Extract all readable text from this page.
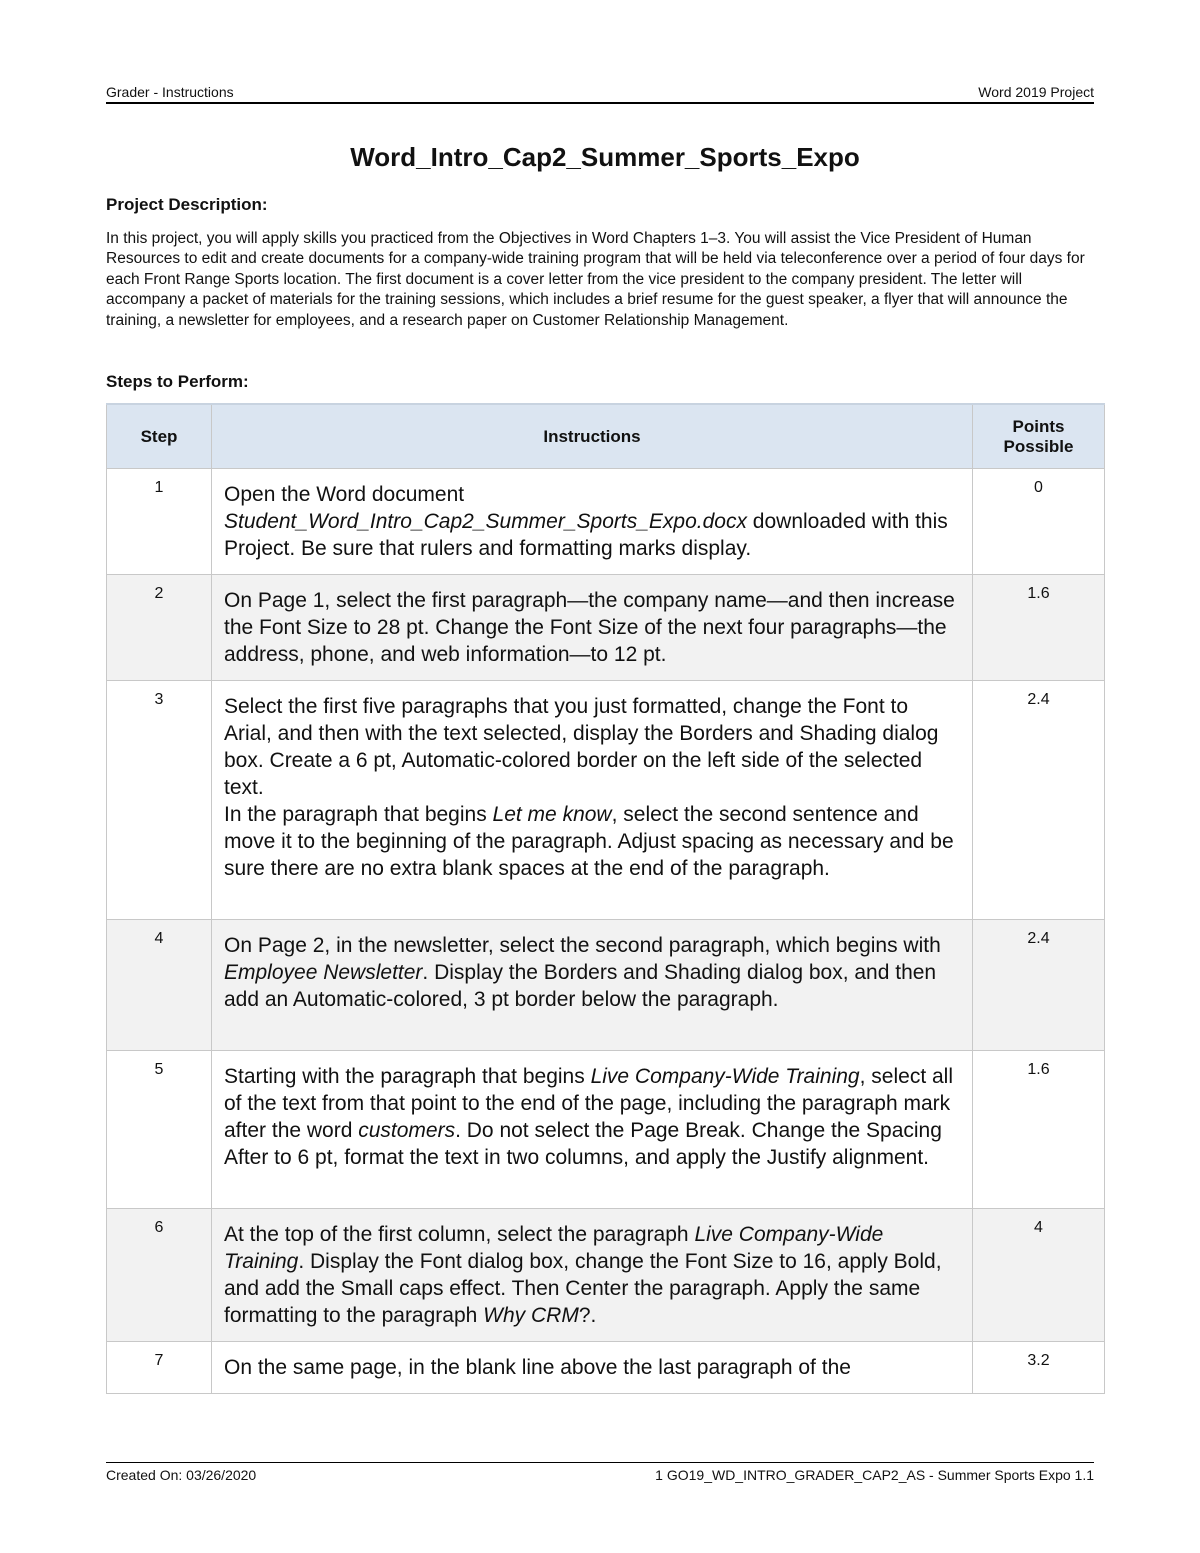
Grader - Instructions	Word 2019 Project
Word_Intro_Cap2_Summer_Sports_Expo
Project Description:
In this project, you will apply skills you practiced from the Objectives in Word Chapters 1–3. You will assist the Vice President of Human Resources to edit and create documents for a company-wide training program that will be held via teleconference over a period of four days for each Front Range Sports location. The first document is a cover letter from the vice president to the company president. The letter will accompany a packet of materials for the training sessions, which includes a brief resume for the guest speaker, a flyer that will announce the training, a newsletter for employees, and a research paper on Customer Relationship Management.
Steps to Perform:
Step	Instructions	Points
Possible
1	Open the Word document Student_Word_Intro_Cap2_Summer_Sports_Expo.docx downloaded with this Project. Be sure that rulers and formatting marks display.	0
2	On Page 1, select the first paragraph—the company name—and then increase the Font Size to 28 pt. Change the Font Size of the next four paragraphs—the address, phone, and web information—to 12 pt.	1.6
3	Select the first five paragraphs that you just formatted, change the Font to Arial, and then with the text selected, display the Borders and Shading dialog box. Create a 6 pt, Automatic-colored border on the left side of the selected text.
In the paragraph that begins Let me know, select the second sentence and move it to the beginning of the paragraph. Adjust spacing as necessary and be sure there are no extra blank spaces at the end of the paragraph.	2.4
4	On Page 2, in the newsletter, select the second paragraph, which begins with Employee Newsletter. Display the Borders and Shading dialog box, and then add an Automatic-colored, 3 pt border below the paragraph.	2.4
5	Starting with the paragraph that begins Live Company-Wide Training, select all of the text from that point to the end of the page, including the paragraph mark after the word customers. Do not select the Page Break. Change the Spacing After to 6 pt, format the text in two columns, and apply the Justify alignment.	1.6
6	At the top of the first column, select the paragraph Live Company-Wide Training. Display the Font dialog box, change the Font Size to 16, apply Bold, and add the Small caps effect. Then Center the paragraph. Apply the same formatting to the paragraph Why CRM?.	4
7	On the same page, in the blank line above the last paragraph of the	3.2
Created On: 03/26/2020	1 GO19_WD_INTRO_GRADER_CAP2_AS - Summer Sports Expo 1.1
